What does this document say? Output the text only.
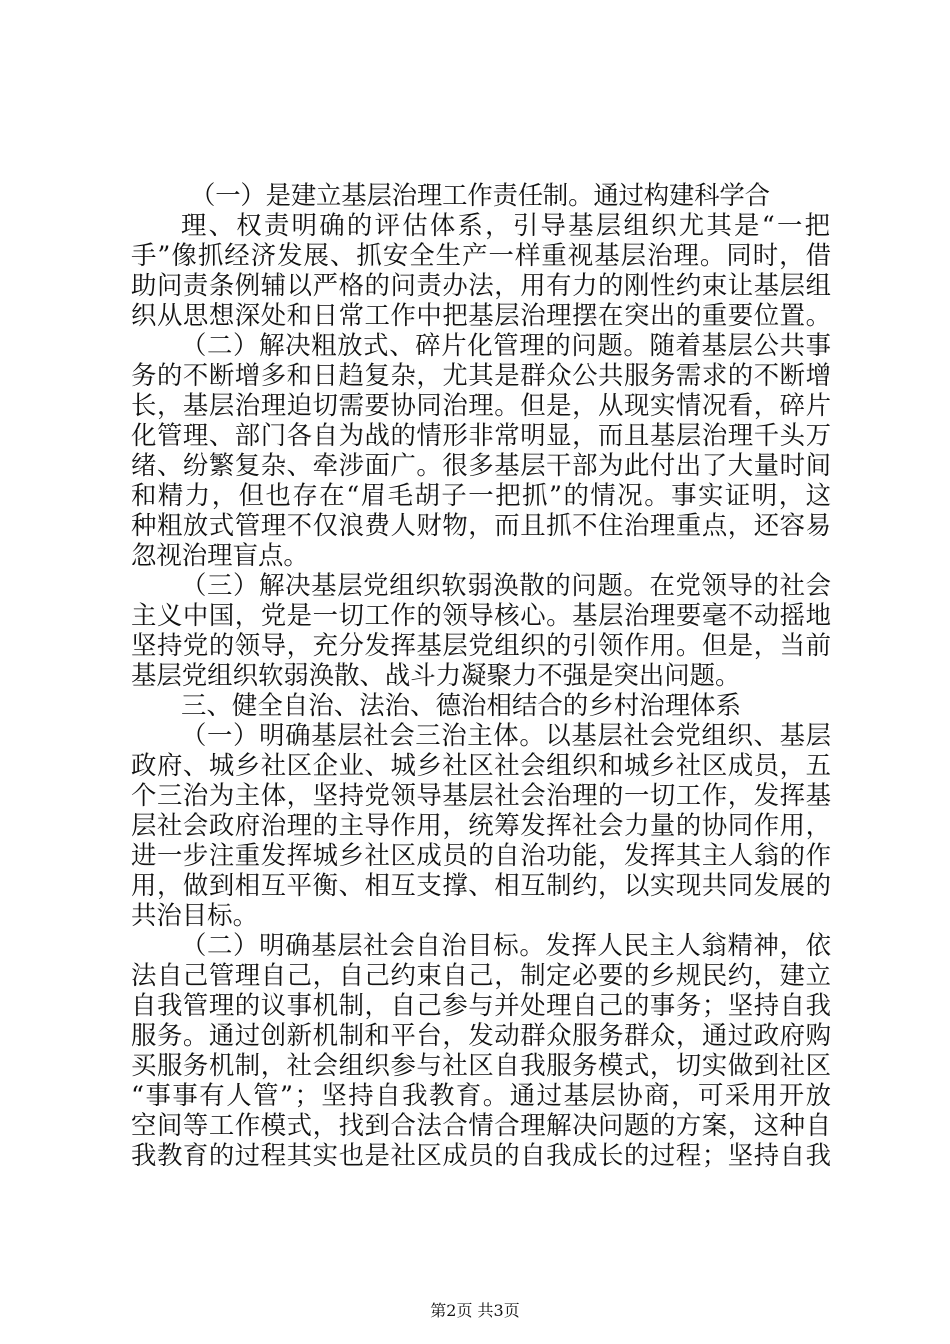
（一）是建立基层治理工作责任制。通过构建科学合
理、权责明确的评估体系，引导基层组织尤其是“一把
手”像抓经济发展、抓安全生产一样重视基层治理。同时，借
助问责条例辅以严格的问责办法，用有力的刚性约束让基层组
织从思想深处和日常工作中把基层治理摆在突出的重要位置。
（二）解决粗放式、碎片化管理的问题。随着基层公共事
务的不断增多和日趋复杂，尤其是群众公共服务需求的不断增
长，基层治理迫切需要协同治理。但是，从现实情况看，碎片
化管理、部门各自为战的情形非常明显，而且基层治理千头万
绪、纷繁复杂、牵涉面广。很多基层干部为此付出了大量时间
和精力，但也存在“眉毛胡子一把抓”的情况。事实证明，这
种粗放式管理不仅浪费人财物，而且抓不住治理重点，还容易
忽视治理盲点。
（三）解决基层党组织软弱涣散的问题。在党领导的社会
主义中国，党是一切工作的领导核心。基层治理要毫不动摇地
坚持党的领导，充分发挥基层党组织的引领作用。但是，当前
基层党组织软弱涣散、战斗力凝聚力不强是突出问题。
三、健全自治、法治、德治相结合的乡村治理体系
（一）明确基层社会三治主体。以基层社会党组织、基层
政府、城乡社区企业、城乡社区社会组织和城乡社区成员，五
个三治为主体，坚持党领导基层社会治理的一切工作，发挥基
层社会政府治理的主导作用，统筹发挥社会力量的协同作用，
进一步注重发挥城乡社区成员的自治功能，发挥其主人翁的作
用，做到相互平衡、相互支撑、相互制约，以实现共同发展的
共治目标。
（二）明确基层社会自治目标。发挥人民主人翁精神，依
法自己管理自己，自己约束自己，制定必要的乡规民约，建立
自我管理的议事机制，自己参与并处理自己的事务；坚持自我
服务。通过创新机制和平台，发动群众服务群众，通过政府购
买服务机制，社会组织参与社区自我服务模式，切实做到社区
“事事有人管”；坚持自我教育。通过基层协商，可采用开放
空间等工作模式，找到合法合情合理解决问题的方案，这种自
我教育的过程其实也是社区成员的自我成长的过程；坚持自我
第2页 共3页
